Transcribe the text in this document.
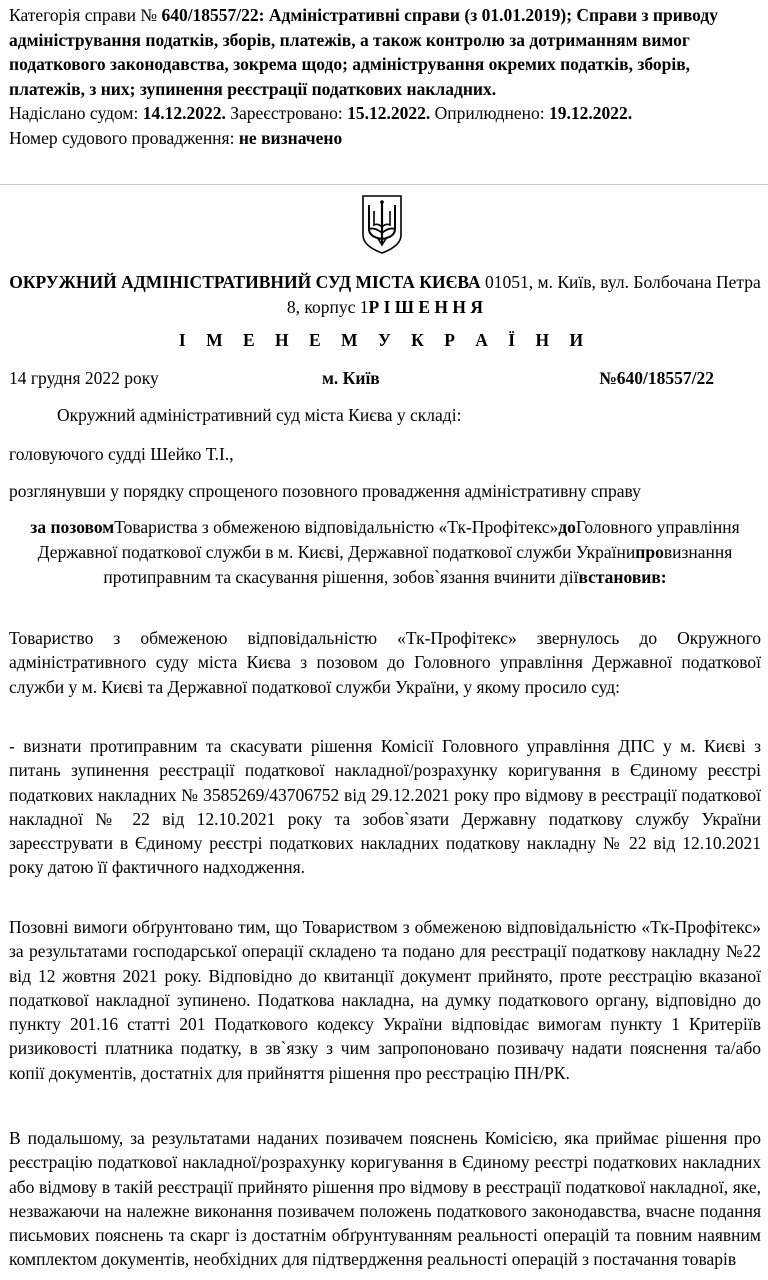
Категорія справи № 640/18557/22: Адміністративні справи (з 01.01.2019); Справи з приводу адміністрування податків, зборів, платежів, а також контролю за дотриманням вимог податкового законодавства, зокрема щодо; адміністрування окремих податків, зборів, платежів, з них; зупинення реєстрації податкових накладних.

Надіслано судом: 14.12.2022. Зареєстровано: 15.12.2022. Оприлюднено: 19.12.2022.

Номер судового провадження: не визначено

ОКРУЖНИЙ АДМІНІСТРАТИВНИЙ СУД МІСТА КИЄВА 01051, м. Київ, вул. Болбочана Петра 8, корпус 1Р І Ш Е Н Н Я
І М Е Н Е М У К Р А Ї Н И
14 грудня 2022 року	м. Київ	№640/18557/22
Окружний адміністративний суд міста Києва у складі:
головуючого судді Шейко Т.І.,
розглянувши у порядку спрощеного позовного провадження адміністративну справу
за позовомТовариства з обмеженою відповідальністю «Тк-Профітекс»доГоловного управління Державної податкової служби в м. Києві, Державної податкової служби Українипровизнання протиправним та скасування рішення, зобов`язання вчинити діївстановив:

Товариство з обмеженою відповідальністю «Тк-Профітекс» звернулось до Окружного адміністративного суду міста Києва з позовом до Головного управління Державної податкової служби у м. Києві та Державної податкової служби України, у якому просило суд:

- визнати протиправним та скасувати рішення Комісії Головного управління ДПС у м. Києві з питань зупинення реєстрації податкової накладної/розрахунку коригування в Єдиному реєстрі податкових накладних № 3585269/43706752 від 29.12.2021 року про відмову в реєстрації податкової накладної № 22 від 12.10.2021 року та зобов`язати Державну податкову службу України зареєструвати в Єдиному реєстрі податкових накладних податкову накладну № 22 від 12.10.2021 року датою її фактичного надходження.

Позовні вимоги обґрунтовано тим, що Товариством з обмеженою відповідальністю «Тк-Профітекс» за результатами господарської операції складено та подано для реєстрації податкову накладну №22 від 12 жовтня 2021 року. Відповідно до квитанції документ прийнято, проте реєстрацію вказаної податкової накладної зупинено. Податкова накладна, на думку податкового органу, відповідно до пункту 201.16 статті 201 Податкового кодексу України відповідає вимогам пункту 1 Критеріїв ризиковості платника податку, в зв`язку з чим запропоновано позивачу надати пояснення та/або копії документів, достатніх для прийняття рішення про реєстрацію ПН/РК.

В подальшому, за результатами наданих позивачем пояснень Комісією, яка приймає рішення про реєстрацію податкової накладної/розрахунку коригування в Єдиному реєстрі податкових накладних або відмову в такій реєстрації прийнято рішення про відмову в реєстрації податкової накладної, яке, незважаючи на належне виконання позивачем положень податкового законодавства, вчасне подання письмових пояснень та скарг із достатнім обґрунтуванням реальності операцій та повним наявним комплектом документів, необхідних для підтвердження реальності операцій з постачання товарів
